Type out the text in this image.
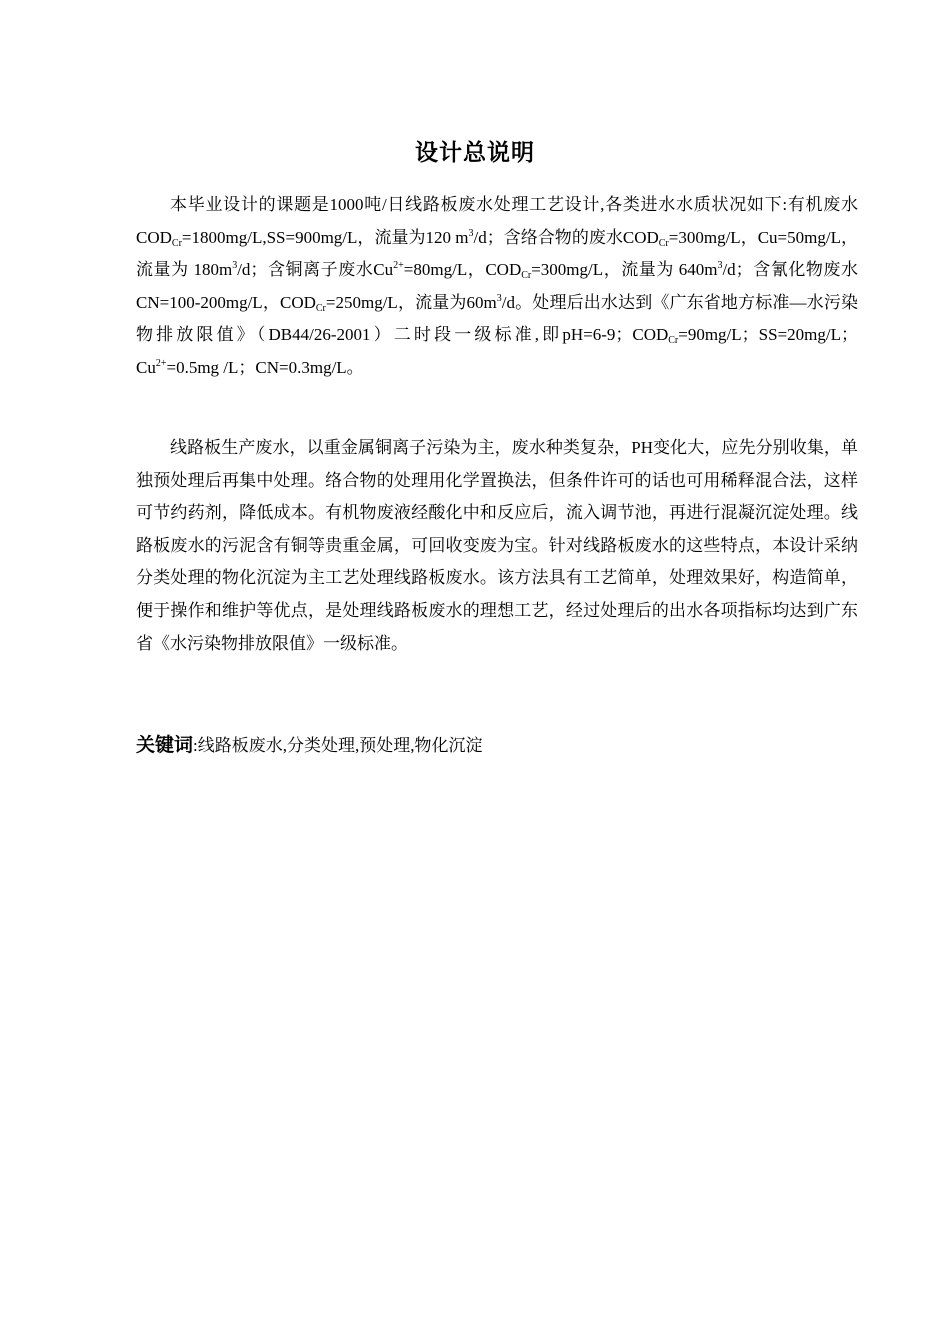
设计总说明

本毕业设计的课题是1000吨/日线路板废水处理工艺设计,各类进水水质状况如下:有机废水$COD_{Cr}=1800mg/L,SS=900mg/L$，流量为120 $m^3/d$；含络合物的废水$COD_{Cr}=300mg/L$，Cu=50mg/L，流量为 $180m^3/d$；含铜离子废水$Cu^{2+}=80mg/L$，$COD_{Cr}=300mg/L$，流量为 $640m^3/d$；含氰化物废水CN=100-200mg/L，$COD_{Cr}=250mg/L$，流量为$60m^3/d$。处理后出水达到《广东省地方标准—水污染物排放限值》（DB44/26-2001）二时段一级标准,即pH=6-9；$COD_{Cr}=90mg/L$；SS=20mg/L；$Cu^{2+}=0.5mg$ /L；CN=0.3mg/L。

线路板生产废水，以重金属铜离子污染为主，废水种类复杂，PH变化大，应先分别收集，单独预处理后再集中处理。络合物的处理用化学置换法，但条件许可的话也可用稀释混合法，这样可节约药剂，降低成本。有机物废液经酸化中和反应后，流入调节池，再进行混凝沉淀处理。线路板废水的污泥含有铜等贵重金属，可回收变废为宝。针对线路板废水的这些特点，本设计采纳分类处理的物化沉淀为主工艺处理线路板废水。该方法具有工艺简单，处理效果好，构造简单，便于操作和维护等优点，是处理线路板废水的理想工艺，经过处理后的出水各项指标均达到广东省《水污染物排放限值》一级标准。

关键词:线路板废水,分类处理,预处理,物化沉淀
